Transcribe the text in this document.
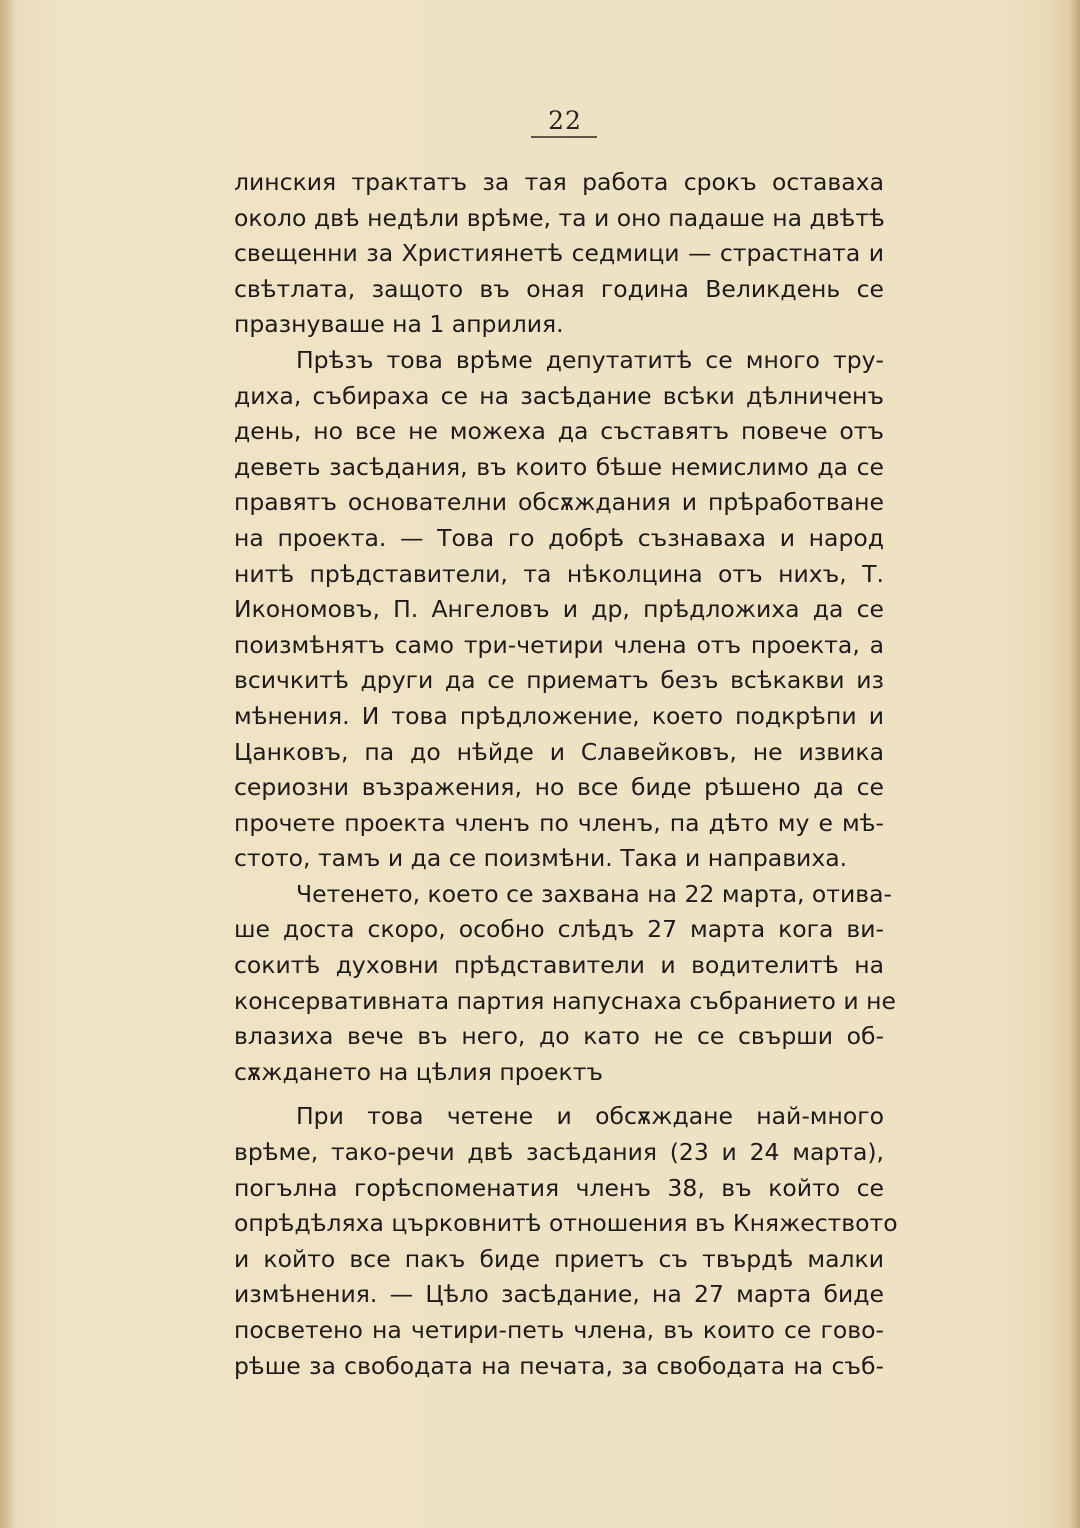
22
линския трактатъ за тая работа срокъ оставаха
около двѣ недѣли врѣме, та и оно падаше на двѣтѣ
свещенни за Християнетѣ седмици — страстната и
свѣтлата, защото въ оная година Великдень се
празнуваше на 1 априлия.
Прѣзъ това врѣме депутатитѣ се много тру-
диха, събираха се на засѣдание всѣки дѣлниченъ
день, но все не можеха да съставятъ повече отъ
деветь засѣдания, въ които бѣше немислимо да се
правятъ основателни обсѫждания и прѣработване
на проекта. — Това го добрѣ съзнаваха и народ
нитѣ прѣдставители, та нѣколцина отъ нихъ, Т.
Икономовъ, П. Ангеловъ и др, прѣдложиха да се
поизмѣнятъ само три-четири члена отъ проекта, а
всичкитѣ други да се приематъ безъ всѣкакви из
мѣнения. И това прѣдложение, което подкрѣпи и
Цанковъ, па до нѣйде и Славейковъ, не извика
сериозни възражения, но все биде рѣшено да се
прочете проекта членъ по членъ, па дѣто му е мѣ-
стото, тамъ и да се поизмѣни. Така и направиха.
Четенето, което се захвана на 22 марта, отива-
ше доста скоро, особно слѣдъ 27 марта кога ви-
сокитѣ духовни прѣдставители и водителитѣ на
консервативната партия напуснаха събранието и не
влазиха вече въ него, до като не се свърши об-
сѫждането на цѣлия проектъ
При това четене и обсѫждане най-много
врѣме, тако-речи двѣ засѣдания (23 и 24 марта),
погълна горѣспоменатия членъ 38, въ който се
опрѣдѣляха църковнитѣ отношения въ Княжеството
и който все пакъ биде приетъ съ твърдѣ малки
измѣнения. — Цѣло засѣдание, на 27 марта биде
посветено на четири-петь члена, въ които се гово-
рѣше за свободата на печата, за свободата на съб-
